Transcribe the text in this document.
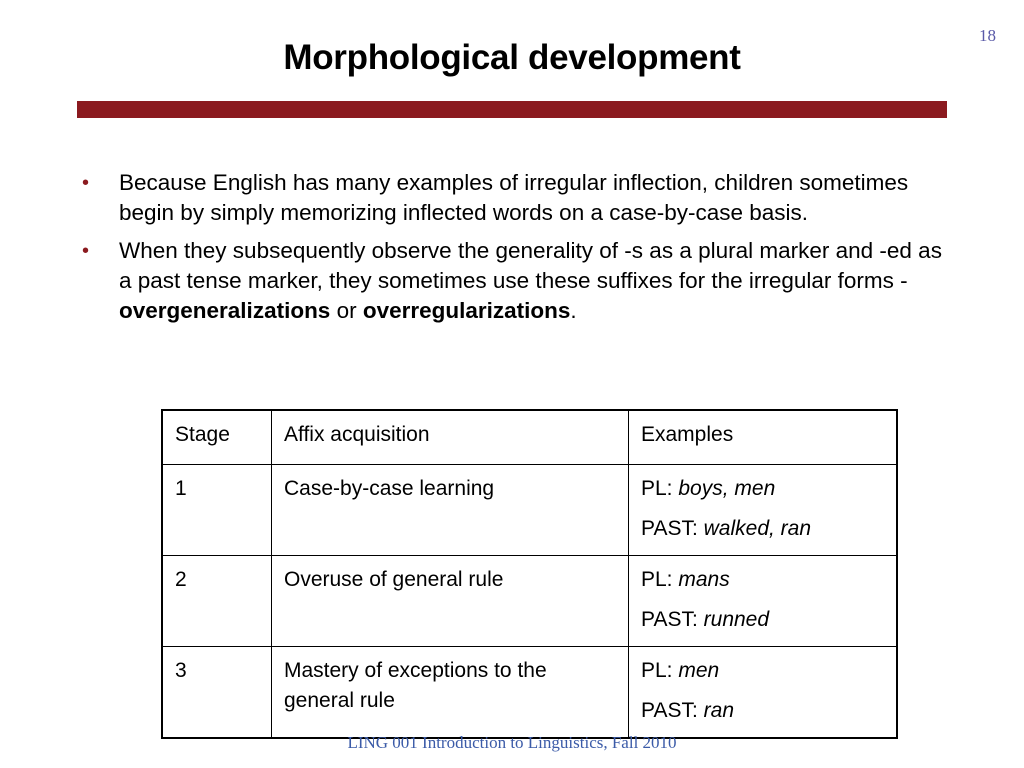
18
Morphological development
• Because English has many examples of irregular inflection, children sometimes begin by simply memorizing inflected words on a case-by-case basis.
• When they subsequently observe the generality of -s as a plural marker and -ed as a past tense marker, they sometimes use these suffixes for the irregular forms - overgeneralizations or overregularizations.
Stage	Affix acquisition	Examples
1	Case-by-case learning	PL: boys, men
PAST: walked, ran

2	Overuse of general rule	PL: mans
PAST: runned

3	Mastery of exceptions to the general rule	PL: men
PAST: ran
LING 001 Introduction to Linguistics, Fall 2010
